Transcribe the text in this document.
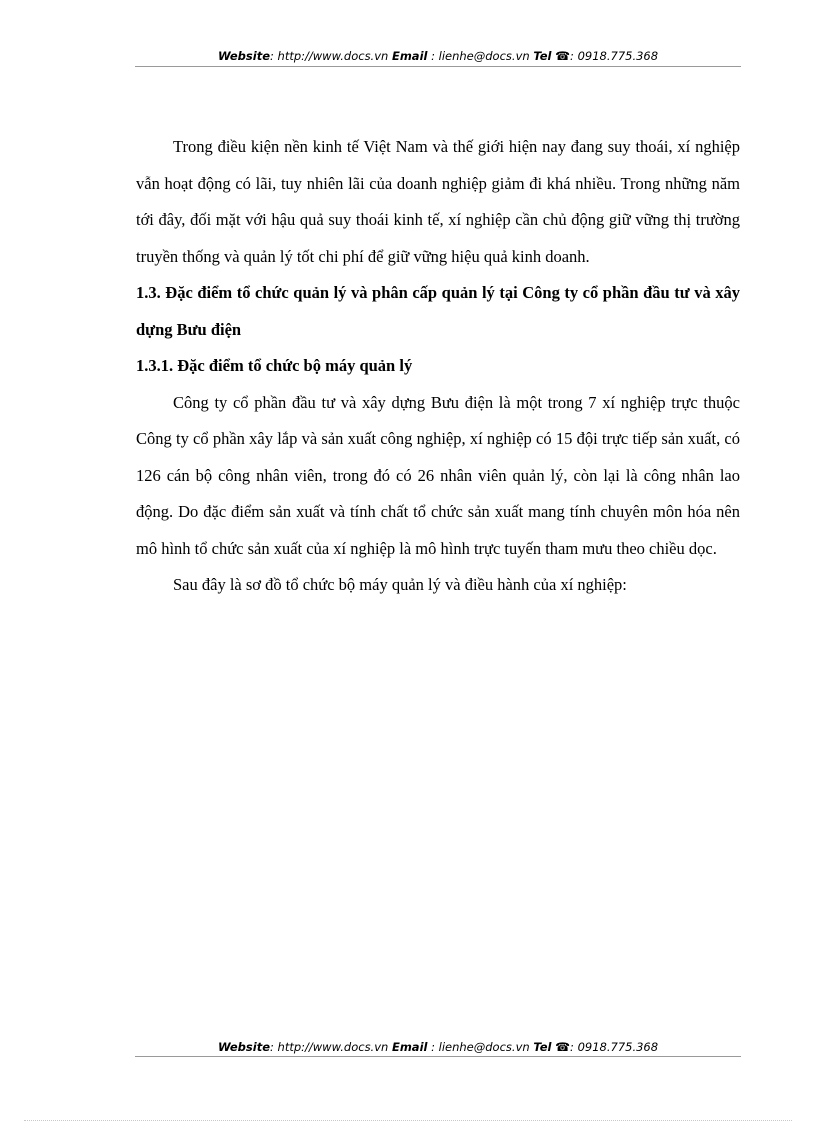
Website: http://www.docs.vn Email : lienhe@docs.vn Tel ☎: 0918.775.368

Trong điều kiện nền kinh tế Việt Nam và thế giới hiện nay đang suy thoái, xí nghiệp vẫn hoạt động có lãi, tuy nhiên lãi của doanh nghiệp giảm đi khá nhiều. Trong những năm tới đây, đối mặt với hậu quả suy thoái kinh tế, xí nghiệp cần chủ động giữ vững thị trường truyền thống và quản lý tốt chi phí để giữ vững hiệu quả kinh doanh.

1.3. Đặc điểm tổ chức quản lý và phân cấp quản lý tại Công ty cổ phần đầu tư và xây dựng Bưu điện
1.3.1. Đặc điểm tổ chức bộ máy quản lý

Công ty cổ phần đầu tư và xây dựng Bưu điện là một trong 7 xí nghiệp trực thuộc Công ty cổ phần xây lắp và sản xuất công nghiệp, xí nghiệp có 15 đội trực tiếp sản xuất, có 126 cán bộ công nhân viên, trong đó có 26 nhân viên quản lý, còn lại là công nhân lao động. Do đặc điểm sản xuất và tính chất tổ chức sản xuất mang tính chuyên môn hóa nên mô hình tổ chức sản xuất của xí nghiệp là mô hình trực tuyến tham mưu theo chiều dọc.

Sau đây là sơ đồ tổ chức bộ máy quản lý và điều hành của xí nghiệp:

Website: http://www.docs.vn Email : lienhe@docs.vn Tel ☎: 0918.775.368
